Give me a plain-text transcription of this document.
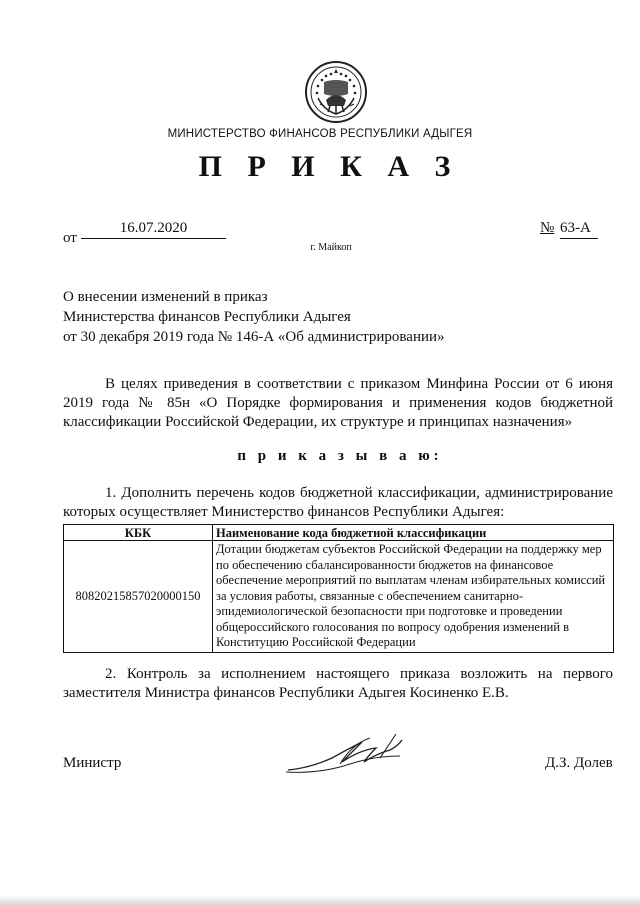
МИНИСТЕРСТВО ФИНАНСОВ РЕСПУБЛИКИ АДЫГЕЯ
П Р И К А З
от
16.07.2020	№ 63-А
г. Майкоп
О внесении изменений в приказ
Министерства финансов Республики Адыгея
от 30 декабря 2019 года № 146-А «Об администрировании»
В целях приведения в соответствии с приказом Минфина России от 6 июня 2019 года № 85н «О Порядке формирования и применения кодов бюджетной классификации Российской Федерации, их структуре и принципах назначения»
п р и к а з ы в а ю:
1. Дополнить перечень кодов бюджетной классификации, администрирование которых осуществляет Министерство финансов Республики Адыгея:
КБК	Наименование кода бюджетной классификации
80820215857020000150	Дотации бюджетам субъектов Российской Федерации на поддержку мер по обеспечению сбалансированности бюджетов на финансовое обеспечение мероприятий по выплатам членам избирательных комиссий за условия работы, связанные с обеспечением санитарно-эпидемиологической безопасности при подготовке и проведении общероссийского голосования по вопросу одобрения изменений в Конституцию Российской Федерации
2. Контроль за исполнением настоящего приказа возложить на первого заместителя Министра финансов Республики Адыгея Косиненко Е.В.
Министр	Д.З. Долев
